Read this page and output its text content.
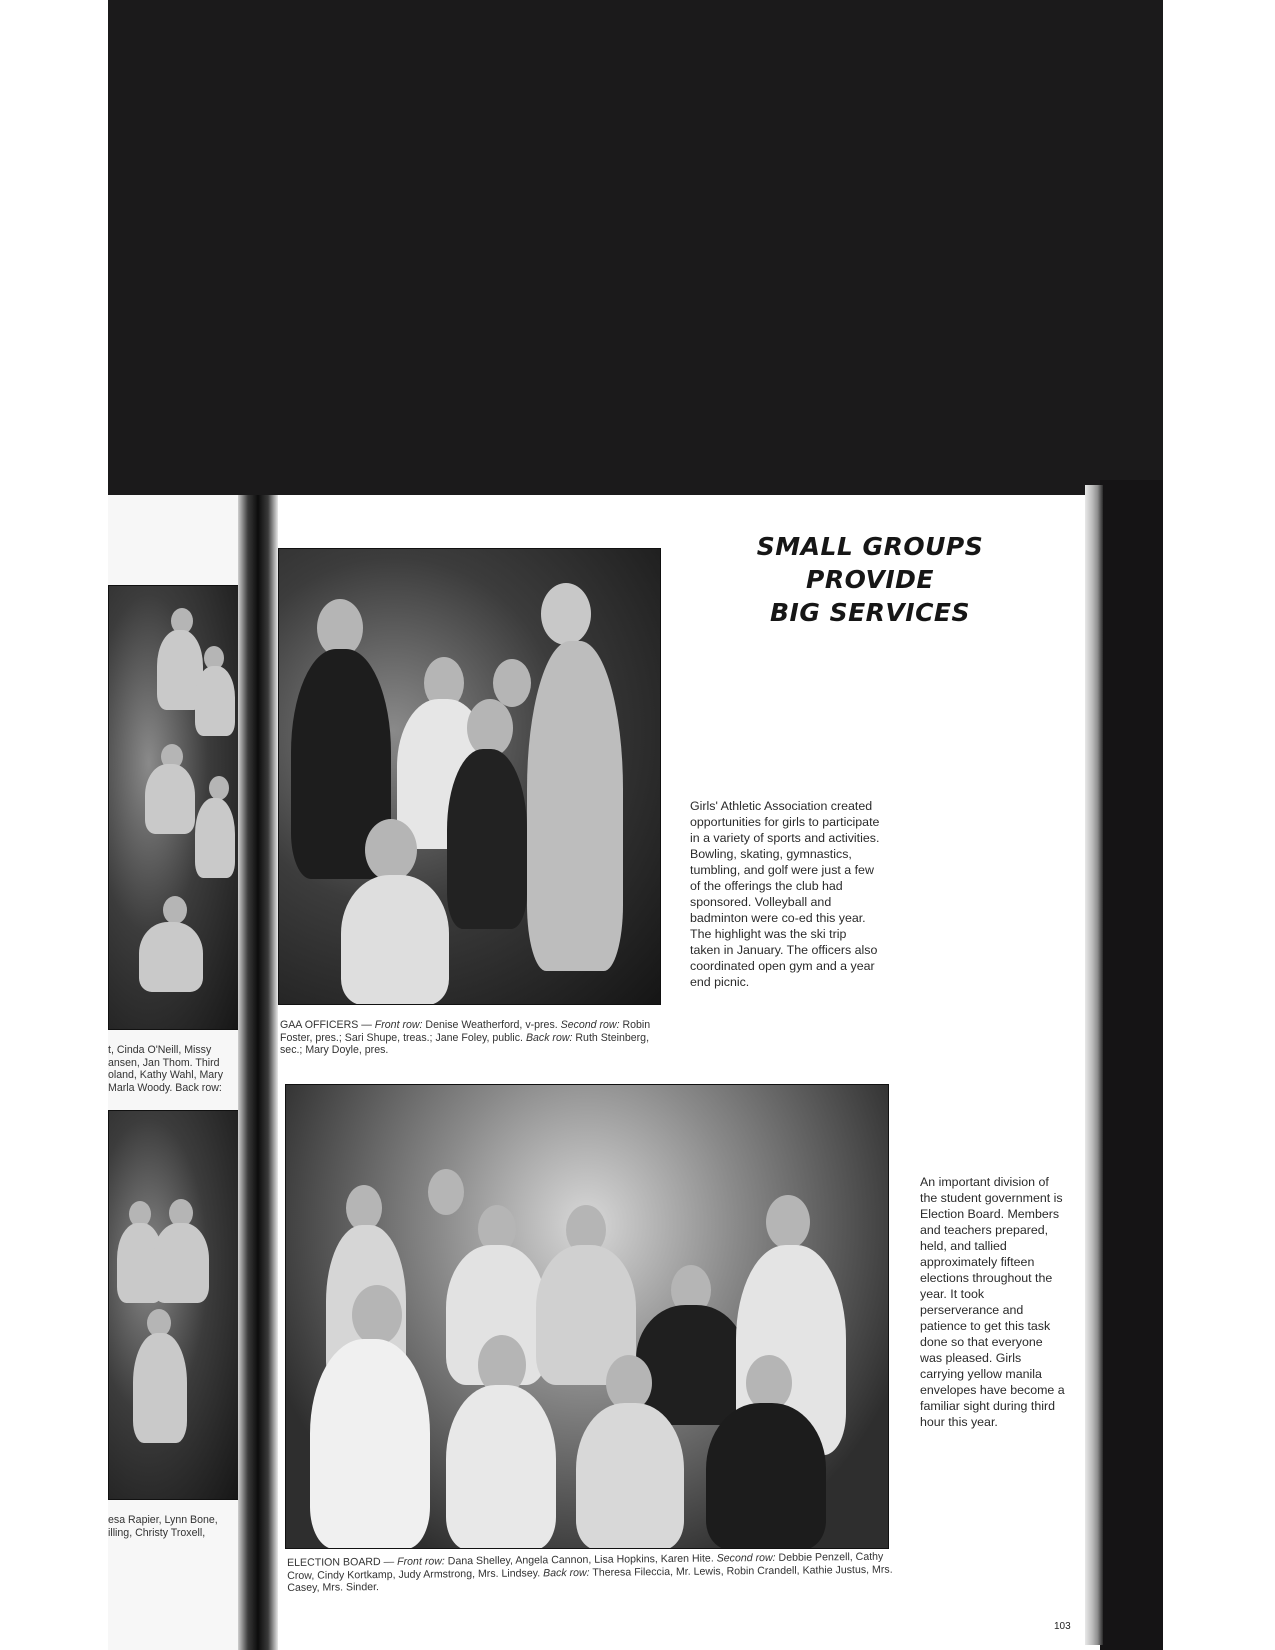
t, Cinda O'Neill, Missy
ansen, Jan Thom. Third
oland, Kathy Wahl, Mary
Marla Woody. Back row:
esa Rapier, Lynn Bone,
illing, Christy Troxell,
SMALL GROUPS PROVIDE
BIG SERVICES
Girls' Athletic Association created opportunities for girls to participate in a variety of sports and activities. Bowling, skating, gymnastics, tumbling, and golf were just a few of the offerings the club had sponsored. Volleyball and badminton were co-ed this year. The highlight was the ski trip taken in January. The officers also coordinated open gym and a year end picnic.
GAA OFFICERS — Front row: Denise Weatherford, v-pres. Second row: Robin Foster, pres.; Sari Shupe, treas.; Jane Foley, public. Back row: Ruth Steinberg, sec.; Mary Doyle, pres.
An important division of the student government is Election Board. Members and teachers prepared, held, and tallied approximately fifteen elections throughout the year. It took perserverance and patience to get this task done so that everyone was pleased. Girls carrying yellow manila envelopes have become a familiar sight during third hour this year.
ELECTION BOARD — Front row: Dana Shelley, Angela Cannon, Lisa Hopkins, Karen Hite. Second row: Debbie Penzell, Cathy Crow, Cindy Kortkamp, Judy Armstrong, Mrs. Lindsey. Back row: Theresa Fileccia, Mr. Lewis, Robin Crandell, Kathie Justus, Mrs. Casey, Mrs. Sinder.
103
